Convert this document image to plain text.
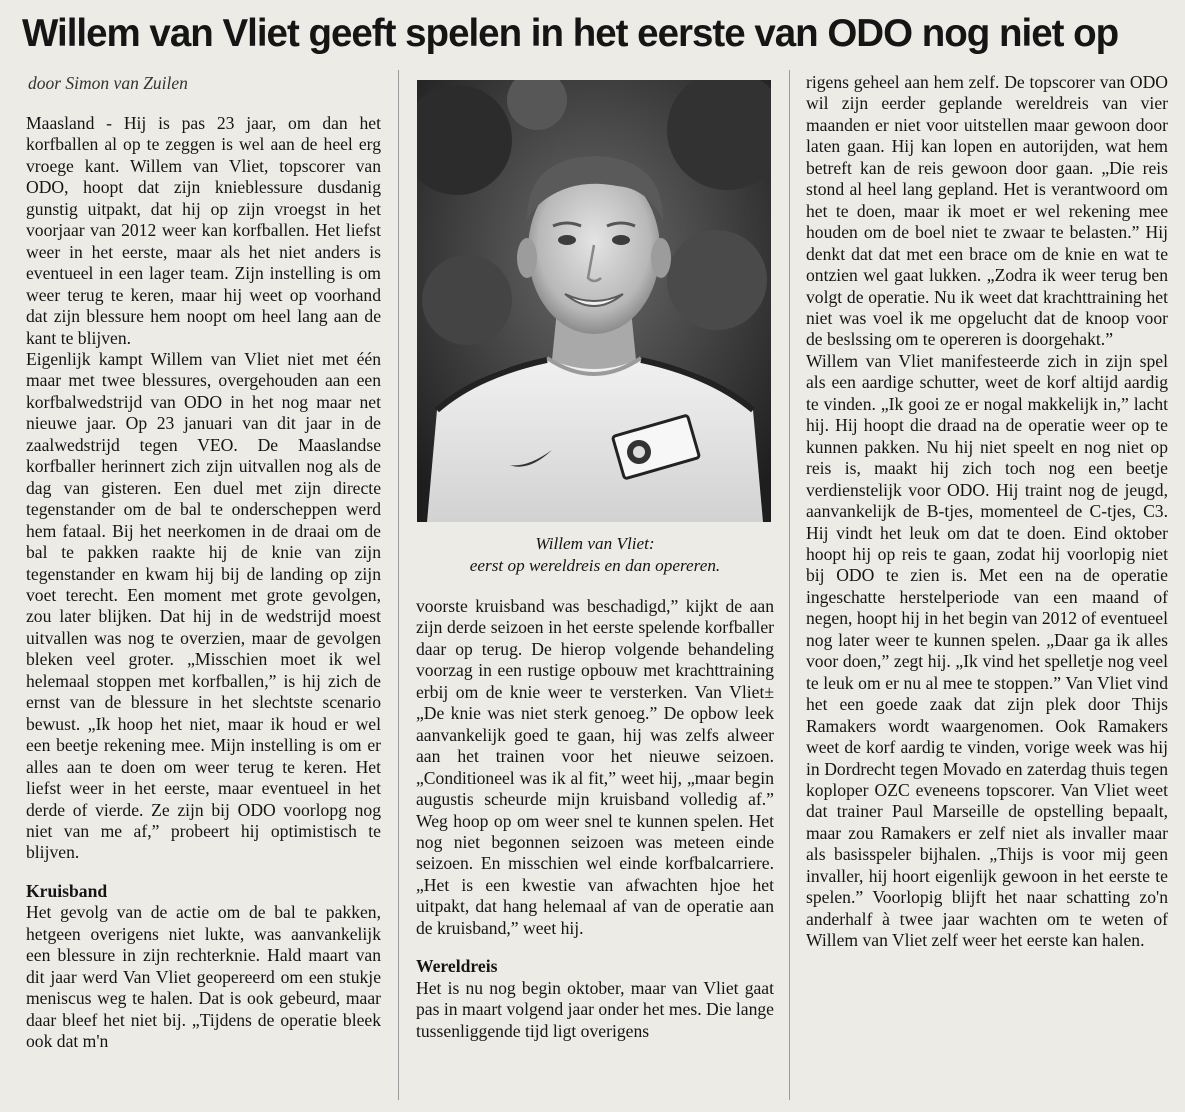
Willem van Vliet geeft spelen in het eerste van ODO nog niet op
door Simon van Zuilen

Maasland - Hij is pas 23 jaar, om dan het korfballen al op te zeggen is wel aan de heel erg vroege kant. Willem van Vliet, topscorer van ODO, hoopt dat zijn knieblessure dusdanig gunstig uitpakt, dat hij op zijn vroegst in het voorjaar van 2012 weer kan korfballen. Het liefst weer in het eerste, maar als het niet anders is eventueel in een lager team. Zijn instelling is om weer terug te keren, maar hij weet op voorhand dat zijn blessure hem noopt om heel lang aan de kant te blijven.

Eigenlijk kampt Willem van Vliet niet met één maar met twee blessures, overgehouden aan een korfbalwedstrijd van ODO in het nog maar net nieuwe jaar. Op 23 januari van dit jaar in de zaalwedstrijd tegen VEO. De Maaslandse korfballer herinnert zich zijn uitvallen nog als de dag van gisteren. Een duel met zijn directe tegenstander om de bal te onderscheppen werd hem fataal. Bij het neerkomen in de draai om de bal te pakken raakte hij de knie van zijn tegenstander en kwam hij bij de landing op zijn voet terecht. Een moment met grote gevolgen, zou later blijken. Dat hij in de wedstrijd moest uitvallen was nog te overzien, maar de gevolgen bleken veel groter. „Misschien moet ik wel helemaal stoppen met korfballen,” is hij zich de ernst van de blessure in het slechtste scenario bewust. „Ik hoop het niet, maar ik houd er wel een beetje rekening mee. Mijn instelling is om er alles aan te doen om weer terug te keren. Het liefst weer in het eerste, maar eventueel in het derde of vierde. Ze zijn bij ODO voorlopg nog niet van me af,” probeert hij optimistisch te blijven.

Kruisband

Het gevolg van de actie om de bal te pakken, hetgeen overigens niet lukte, was aanvankelijk een blessure in zijn rechterknie. Hald maart van dit jaar werd Van Vliet geopereerd om een stukje meniscus weg te halen. Dat is ook gebeurd, maar daar bleef het niet bij. „Tijdens de operatie bleek ook dat m'n

Willem van Vliet:
eerst op wereldreis en dan opereren.

voorste kruisband was beschadigd,” kijkt de aan zijn derde seizoen in het eerste spelende korfballer daar op terug. De hierop volgende behandeling voorzag in een rustige opbouw met krachttraining erbij om de knie weer te versterken. Van Vliet±„De knie was niet sterk genoeg.” De opbow leek aanvankelijk goed te gaan, hij was zelfs alweer aan het trainen voor het nieuwe seizoen. „Conditioneel was ik al fit,” weet hij, „maar begin augustis scheurde mijn kruisband volledig af.” Weg hoop op om weer snel te kunnen spelen. Het nog niet begonnen seizoen was meteen einde seizoen. En misschien wel einde korfbalcarriere. „Het is een kwestie van afwachten hjoe het uitpakt, dat hang helemaal af van de operatie aan de kruisband,” weet hij.

Wereldreis

Het is nu nog begin oktober, maar van Vliet gaat pas in maart volgend jaar onder het mes. Die lange tussenliggende tijd ligt overigens

rigens geheel aan hem zelf. De topscorer van ODO wil zijn eerder geplande wereldreis van vier maanden er niet voor uitstellen maar gewoon door laten gaan. Hij kan lopen en autorijden, wat hem betreft kan de reis gewoon door gaan. „Die reis stond al heel lang gepland. Het is verantwoord om het te doen, maar ik moet er wel rekening mee houden om de boel niet te zwaar te belasten.” Hij denkt dat dat met een brace om de knie en wat te ontzien wel gaat lukken. „Zodra ik weer terug ben volgt de operatie. Nu ik weet dat krachttraining het niet was voel ik me opgelucht dat de knoop voor de beslssing om te opereren is doorgehakt.”

Willem van Vliet manifesteerde zich in zijn spel als een aardige schutter, weet de korf altijd aardig te vinden. „Ik gooi ze er nogal makkelijk in,” lacht hij. Hij hoopt die draad na de operatie weer op te kunnen pakken. Nu hij niet speelt en nog niet op reis is, maakt hij zich toch nog een beetje verdienstelijk voor ODO. Hij traint nog de jeugd, aanvankelijk de B-tjes, momenteel de C-tjes, C3. Hij vindt het leuk om dat te doen. Eind oktober hoopt hij op reis te gaan, zodat hij voorlopig niet bij ODO te zien is. Met een na de operatie ingeschatte herstelperiode van een maand of negen, hoopt hij in het begin van 2012 of eventueel nog later weer te kunnen spelen. „Daar ga ik alles voor doen,” zegt hij. „Ik vind het spelletje nog veel te leuk om er nu al mee te stoppen.” Van Vliet vind het een goede zaak dat zijn plek door Thijs Ramakers wordt waargenomen. Ook Ramakers weet de korf aardig te vinden, vorige week was hij in Dordrecht tegen Movado en zaterdag thuis tegen koploper OZC eveneens topscorer. Van Vliet weet dat trainer Paul Marseille de opstelling bepaalt, maar zou Ramakers er zelf niet als invaller maar als basisspeler bijhalen. „Thijs is voor mij geen invaller, hij hoort eigenlijk gewoon in het eerste te spelen.” Voorlopig blijft het naar schatting zo'n anderhalf à twee jaar wachten om te weten of Willem van Vliet zelf weer het eerste kan halen.
